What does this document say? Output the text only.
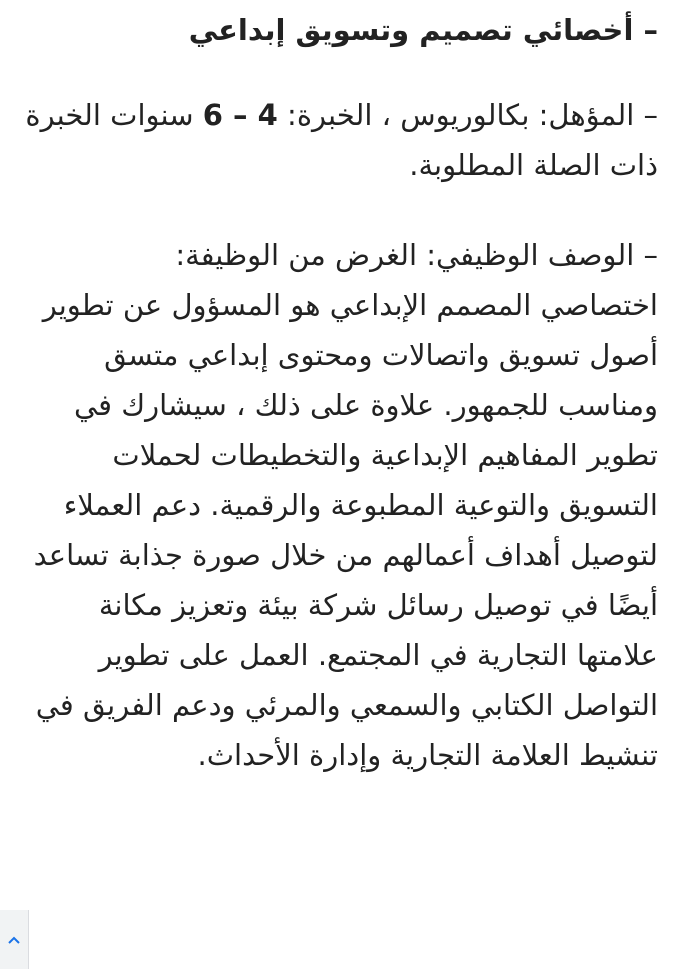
– أخصائي تصميم وتسويق إبداعي
– المؤهل: بكالوريوس ، الخبرة: 4 – 6 سنوات الخبرة ذات الصلة المطلوبة.
– الوصف الوظيفي: الغرض من الوظيفة:
اختصاصي المصمم الإبداعي هو المسؤول عن تطوير أصول تسويق واتصالات ومحتوى إبداعي متسق ومناسب للجمهور. علاوة على ذلك ، سيشارك في تطوير المفاهيم الإبداعية والتخطيطات لحملات التسويق والتوعية المطبوعة والرقمية. دعم العملاء لتوصيل أهداف أعمالهم من خلال صورة جذابة تساعد أيضًا في توصيل رسائل شركة بيئة وتعزيز مكانة علامتها التجارية في المجتمع. العمل على تطوير التواصل الكتابي والسمعي والمرئي ودعم الفريق في تنشيط العلامة التجارية وإدارة الأحداث.
